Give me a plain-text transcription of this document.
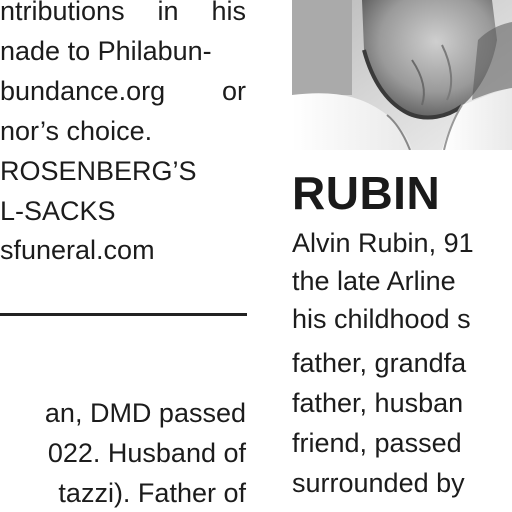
ntributions in his
nade to Philabun-
bundance.org or
nor’s choice.
ROSENBERG’S
L-SACKS
sfuneral.com
an, DMD passed
022. Husband of
tazzi). Father of
RUBIN
Alvin Rubin, 91
the late Arline
his childhood s
father, grandfa
father, husban
friend, passed
surrounded by
